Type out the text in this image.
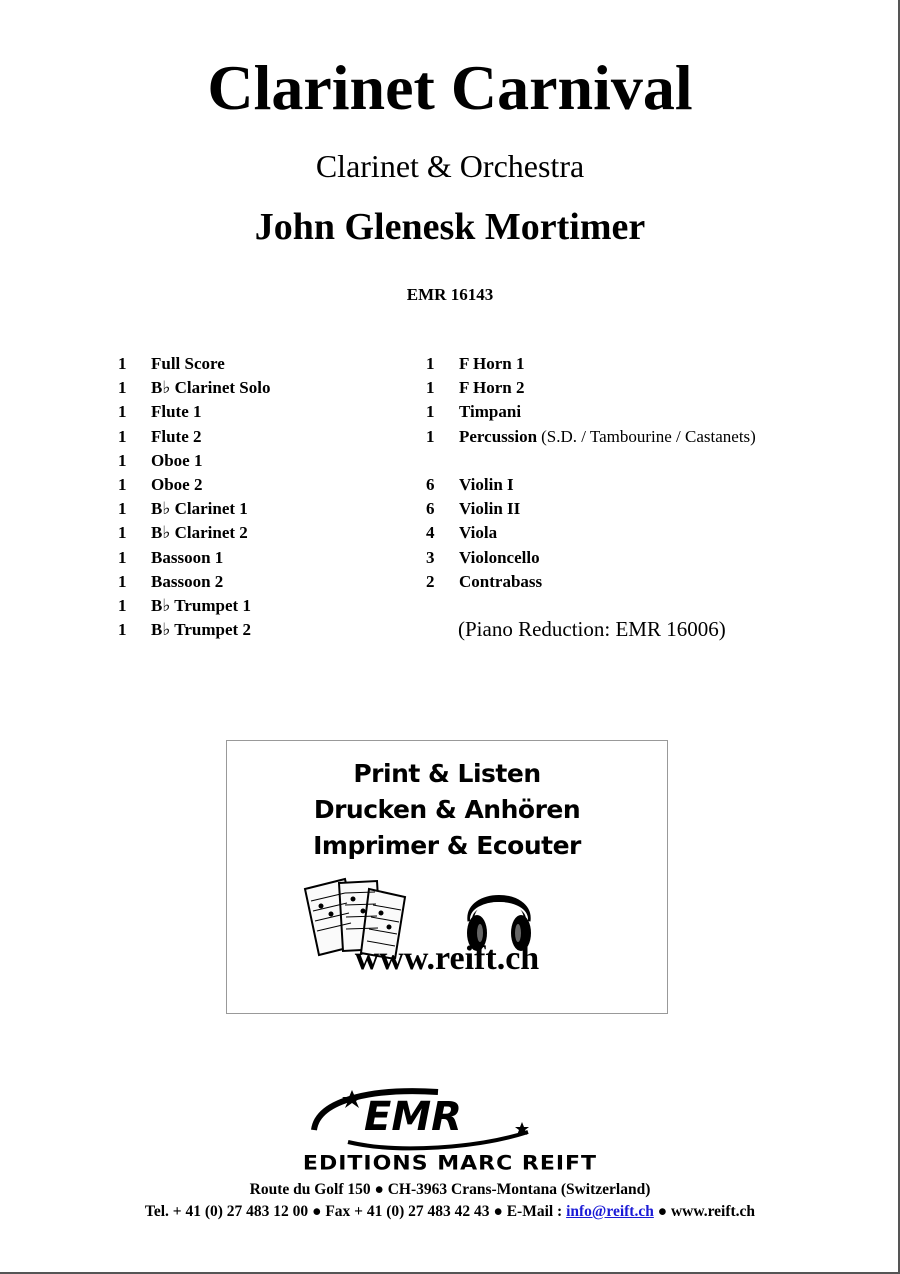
Clarinet Carnival
Clarinet & Orchestra
John Glenesk Mortimer
EMR 16143
1	Full Score
1	B♭ Clarinet Solo
1	Flute 1
1	Flute 2
1	Oboe 1
1	Oboe 2
1	B♭ Clarinet 1
1	B♭ Clarinet 2
1	Bassoon 1
1	Bassoon 2
1	B♭ Trumpet 1
1	B♭ Trumpet 2
1	F Horn 1
1	F Horn 2
1	Timpani
1	Percussion (S.D. / Tambourine / Castanets)
6	Violin I
6	Violin II
4	Viola
3	Violoncello
2	Contrabass
(Piano Reduction: EMR 16006)
Print & Listen
Drucken & Anhören
Imprimer & Ecouter
www.reift.ch
EMR
EDITIONS MARC REIFT
Route du Golf 150 ● CH-3963 Crans-Montana (Switzerland)
Tel. + 41 (0) 27 483 12 00 ● Fax + 41 (0) 27 483 42 43 ● E-Mail : info@reift.ch ● www.reift.ch
